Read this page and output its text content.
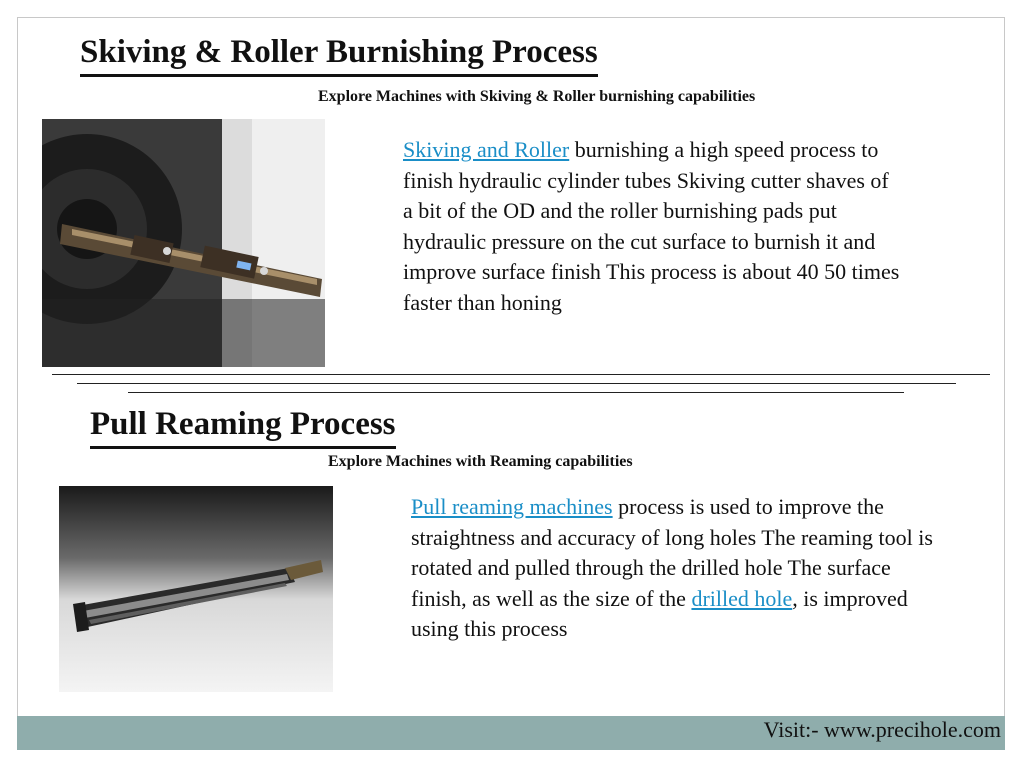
Skiving & Roller Burnishing Process
Explore Machines with Skiving & Roller burnishing capabilities
Skiving and Roller burnishing a high speed process to finish hydraulic cylinder tubes Skiving cutter shaves of a bit of the OD and the roller burnishing pads put hydraulic pressure on the cut surface to burnish it and improve surface finish This process is about 40 50 times faster than honing
Pull Reaming Process
Explore Machines with Reaming capabilities
Pull reaming machines process is used to improve the straightness and accuracy of long holes The reaming tool is rotated and pulled through the drilled hole The surface finish, as well as the size of the drilled hole, is improved using this process
Visit:- www.precihole.com
